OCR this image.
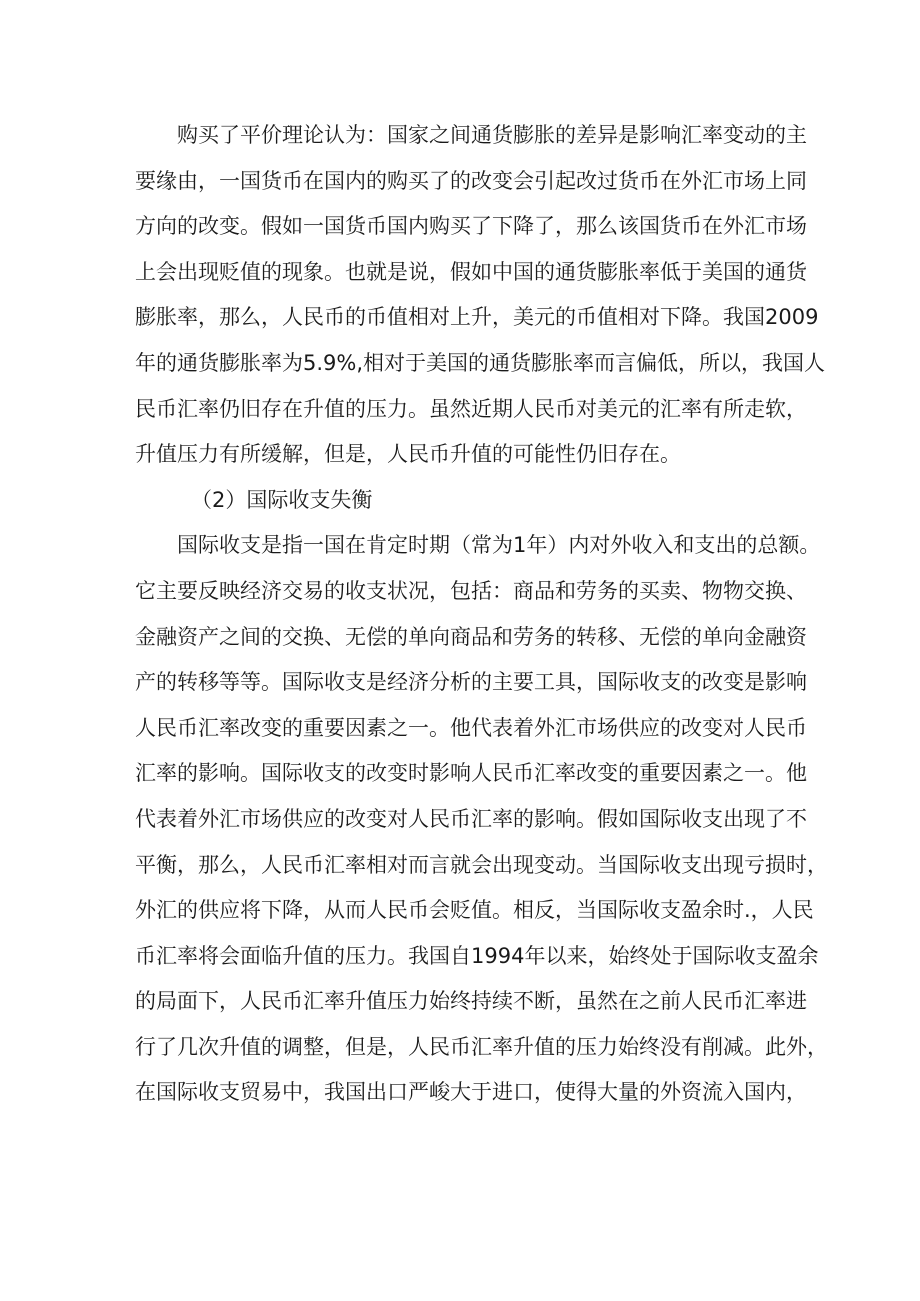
购买了平价理论认为：国家之间通货膨胀的差异是影响汇率变动的主
要缘由，一国货币在国内的购买了的改变会引起改过货币在外汇市场上同
方向的改变。假如一国货币国内购买了下降了，那么该国货币在外汇市场
上会出现贬值的现象。也就是说，假如中国的通货膨胀率低于美国的通货
膨胀率，那么，人民币的币值相对上升，美元的币值相对下降。我国2009
年的通货膨胀率为5.9%,相对于美国的通货膨胀率而言偏低，所以，我国人
民币汇率仍旧存在升值的压力。虽然近期人民币对美元的汇率有所走软，
升值压力有所缓解，但是，人民币升值的可能性仍旧存在。
（2）国际收支失衡
国际收支是指一国在肯定时期（常为1年）内对外收入和支出的总额。
它主要反映经济交易的收支状况，包括：商品和劳务的买卖、物物交换、
金融资产之间的交换、无偿的单向商品和劳务的转移、无偿的单向金融资
产的转移等等。国际收支是经济分析的主要工具，国际收支的改变是影响
人民币汇率改变的重要因素之一。他代表着外汇市场供应的改变对人民币
汇率的影响。国际收支的改变时影响人民币汇率改变的重要因素之一。他
代表着外汇市场供应的改变对人民币汇率的影响。假如国际收支出现了不
平衡，那么，人民币汇率相对而言就会出现变动。当国际收支出现亏损时，
外汇的供应将下降，从而人民币会贬值。相反，当国际收支盈余时.，人民
币汇率将会面临升值的压力。我国自1994年以来，始终处于国际收支盈余
的局面下，人民币汇率升值压力始终持续不断，虽然在之前人民币汇率进
行了几次升值的调整，但是，人民币汇率升值的压力始终没有削减。此外，
在国际收支贸易中，我国出口严峻大于进口，使得大量的外资流入国内，
